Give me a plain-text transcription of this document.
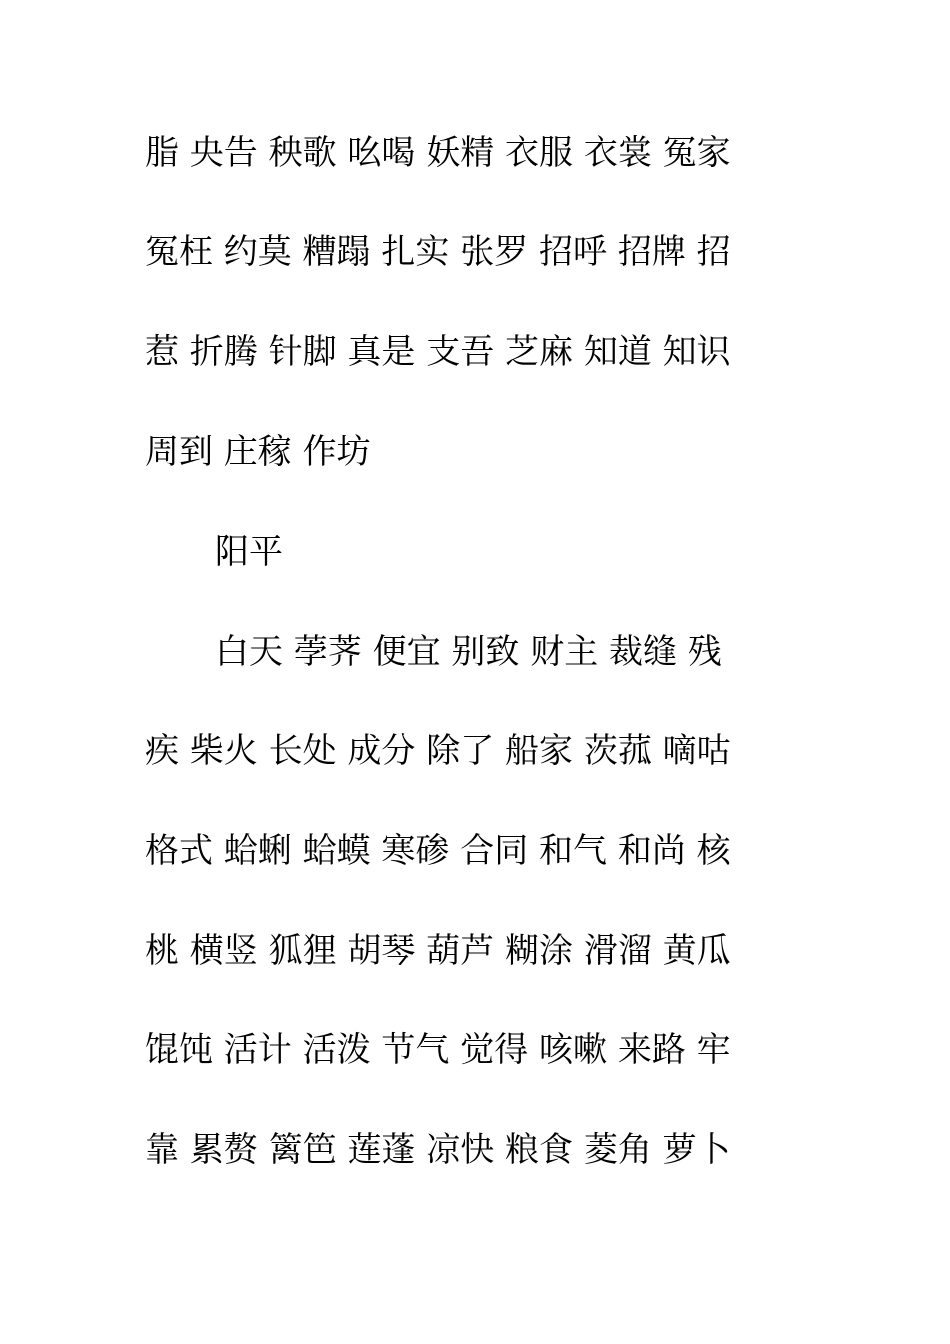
脂 央告 秧歌 吆喝 妖精 衣服 衣裳 冤家
冤枉 约莫 糟蹋 扎实 张罗 招呼 招牌 招
惹 折腾 针脚 真是 支吾 芝麻 知道 知识
周到 庄稼 作坊
阳平
白天 荸荠 便宜 别致 财主 裁缝 残
疾 柴火 长处 成分 除了 船家 茨菰 嘀咕
格式 蛤蜊 蛤蟆 寒碜 合同 和气 和尚 核
桃 横竖 狐狸 胡琴 葫芦 糊涂 滑溜 黄瓜
馄饨 活计 活泼 节气 觉得 咳嗽 来路 牢
靠 累赘 篱笆 莲蓬 凉快 粮食 菱角 萝卜
